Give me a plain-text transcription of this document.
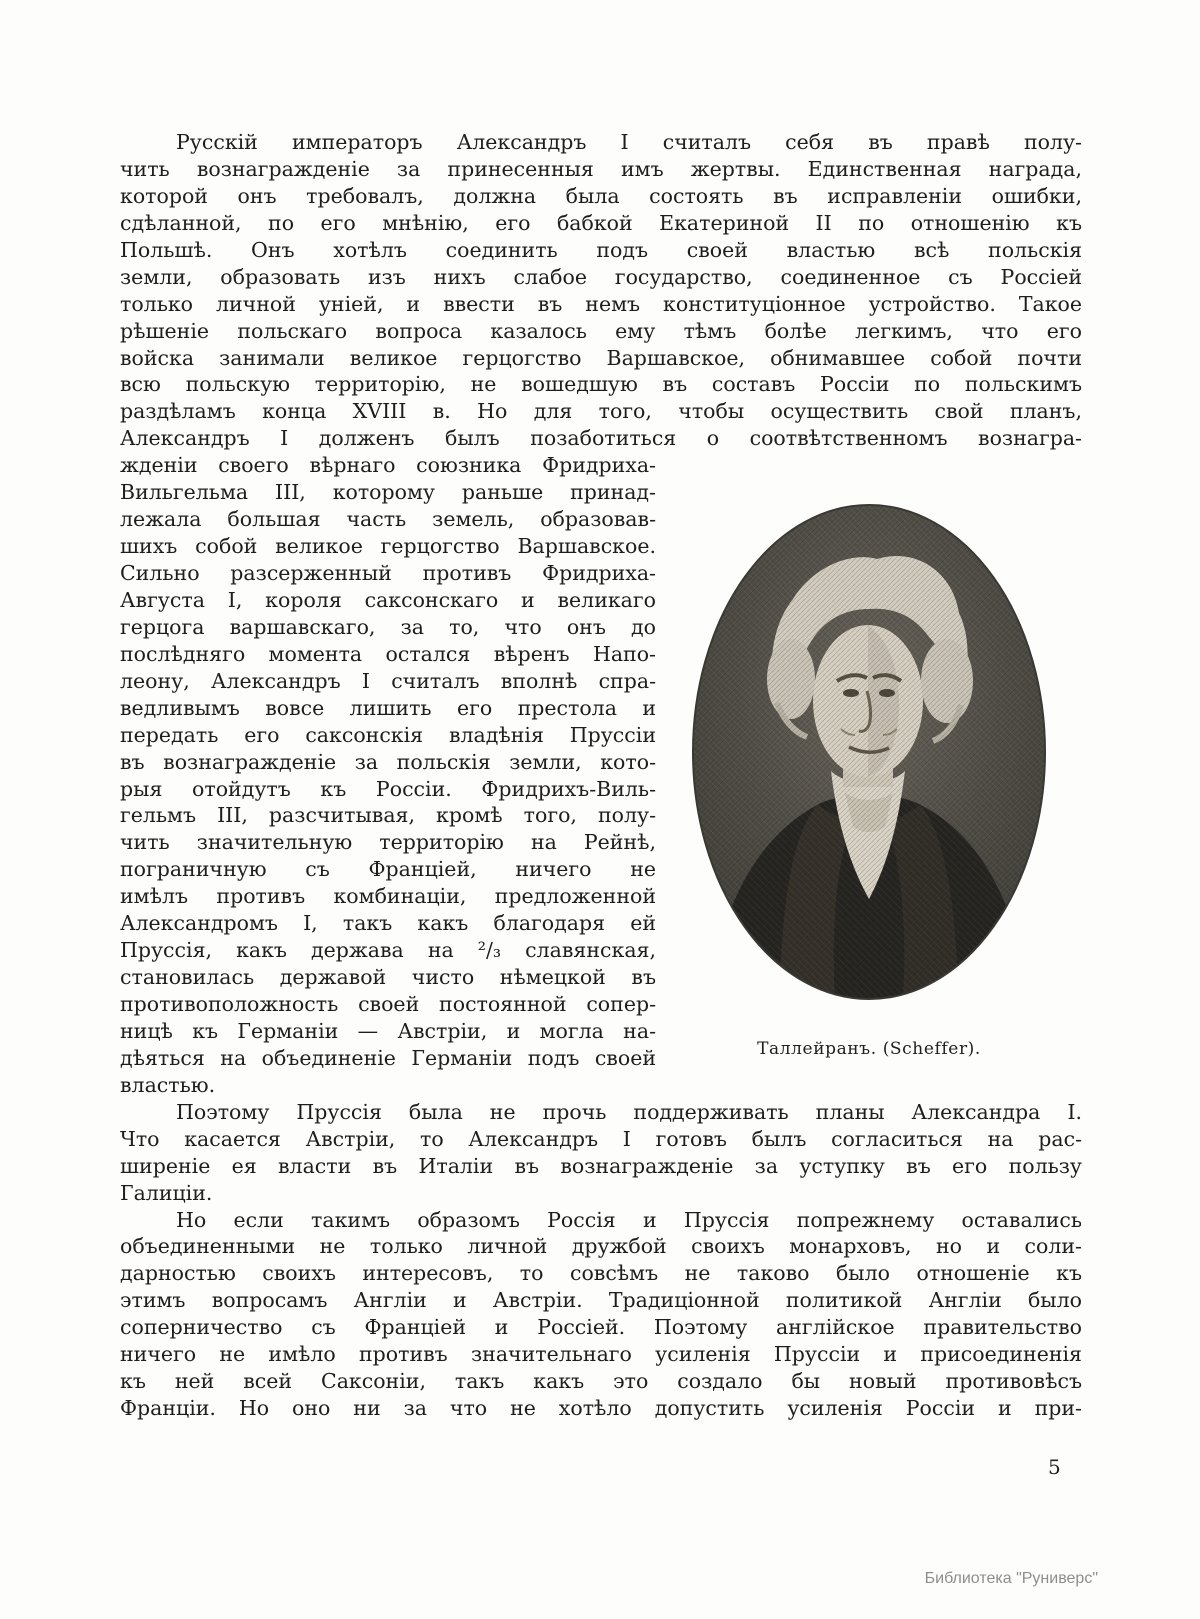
Русскій императоръ Александръ I считалъ себя въ правѣ полу-
чить вознагражденіе за принесенныя имъ жертвы. Единственная награда,
которой онъ требовалъ, должна была состоять въ исправленіи ошибки,
сдѣланной, по его мнѣнію, его бабкой Екатериной II по отношенію къ
Польшѣ. Онъ хотѣлъ соединить подъ своей властью всѣ польскія
земли, образовать изъ нихъ слабое государство, соединенное съ Россіей
только личной уніей, и ввести въ немъ конституціонное устройство. Такое
рѣшеніе польскаго вопроса казалось ему тѣмъ болѣе легкимъ, что его
войска занимали великое герцогство Варшавское, обнимавшее собой почти
всю польскую территорію, не вошедшую въ составъ Россіи по польскимъ
раздѣламъ конца XVIII в. Но для того, чтобы осуществить свой планъ,
Александръ I долженъ былъ позаботиться о соотвѣтственномъ вознагра-
жденіи своего вѣрнаго союзника Фридриха-
Вильгельма III, которому раньше принад-
лежала большая часть земель, образовав-
шихъ собой великое герцогство Варшавское.
Сильно разсерженный противъ Фридриха-
Августа I, короля саксонскаго и великаго
герцога варшавскаго, за то, что онъ до
послѣдняго момента остался вѣренъ Напо-
леону, Александръ I считалъ вполнѣ спра-
ведливымъ вовсе лишить его престола и
передать его саксонскія владѣнія Пруссіи
въ вознагражденіе за польскія земли, кото-
рыя отойдутъ къ Россіи. Фридрихъ-Виль-
гельмъ III, разсчитывая, кромѣ того, полу-
чить значительную территорію на Рейнѣ,
пограничную съ Франціей, ничего не
имѣлъ противъ комбинаціи, предложенной
Александромъ I, такъ какъ благодаря ей
Пруссія, какъ держава на ²/₃ славянская,
становилась державой чисто нѣмецкой въ
противоположность своей постоянной сопер-
ницѣ къ Германіи — Австріи, и могла на-
дѣяться на объединеніе Германіи подъ своей
властью.
Таллейранъ. (Scheffer).
Поэтому Пруссія была не прочь поддерживать планы Александра I.
Что касается Австріи, то Александръ I готовъ былъ согласиться на рас-
ширеніе ея власти въ Италіи въ вознагражденіе за уступку въ его пользу
Галиціи.
Но если такимъ образомъ Россія и Пруссія попрежнему оставались
объединенными не только личной дружбой своихъ монарховъ, но и соли-
дарностью своихъ интересовъ, то совсѣмъ не таково было отношеніе къ
этимъ вопросамъ Англіи и Австріи. Традиціонной политикой Англіи было
соперничество съ Франціей и Россіей. Поэтому англійское правительство
ничего не имѣло противъ значительнаго усиленія Пруссіи и присоединенія
къ ней всей Саксоніи, такъ какъ это создало бы новый противовѣсъ
Франціи. Но оно ни за что не хотѣло допустить усиленія Россіи и при-
5
Библиотека "Руниверс"
